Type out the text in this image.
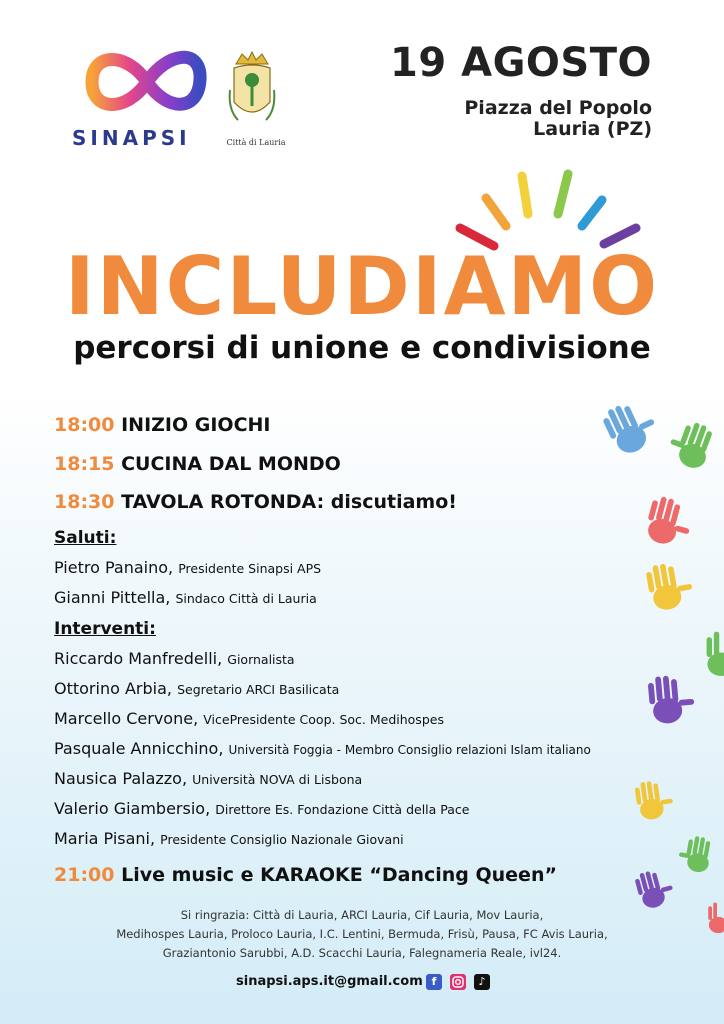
SINAPSI	Città di Lauria
19 AGOSTO
Piazza del Popolo
Lauria (PZ)
INCLUDIAMO
percorsi di unione e condivisione
18:00 INIZIO GIOCHI
18:15 CUCINA DAL MONDO
18:30 TAVOLA ROTONDA: discutiamo!
Saluti:
Pietro Panaino, Presidente Sinapsi APS
Gianni Pittella, Sindaco Città di Lauria
Interventi:
Riccardo Manfredelli, Giornalista
Ottorino Arbia, Segretario ARCI Basilicata
Marcello Cervone, VicePresidente Coop. Soc. Medihospes
Pasquale Annicchino, Università Foggia - Membro Consiglio relazioni Islam italiano
Nausica Palazzo, Università NOVA di Lisbona
Valerio Giambersio, Direttore Es. Fondazione Città della Pace
Maria Pisani, Presidente Consiglio Nazionale Giovani
21:00 Live music e KARAOKE “Dancing Queen”
Si ringrazia: Città di Lauria, ARCI Lauria, Cif Lauria, Mov Lauria,
Medihospes Lauria, Proloco Lauria, I.C. Lentini, Bermuda, Frisù, Pausa, FC Avis Lauria,
Graziantonio Sarubbi, A.D. Scacchi Lauria, Falegnameria Reale, ivl24.
sinapsi.aps.it@gmail.com f	♪
